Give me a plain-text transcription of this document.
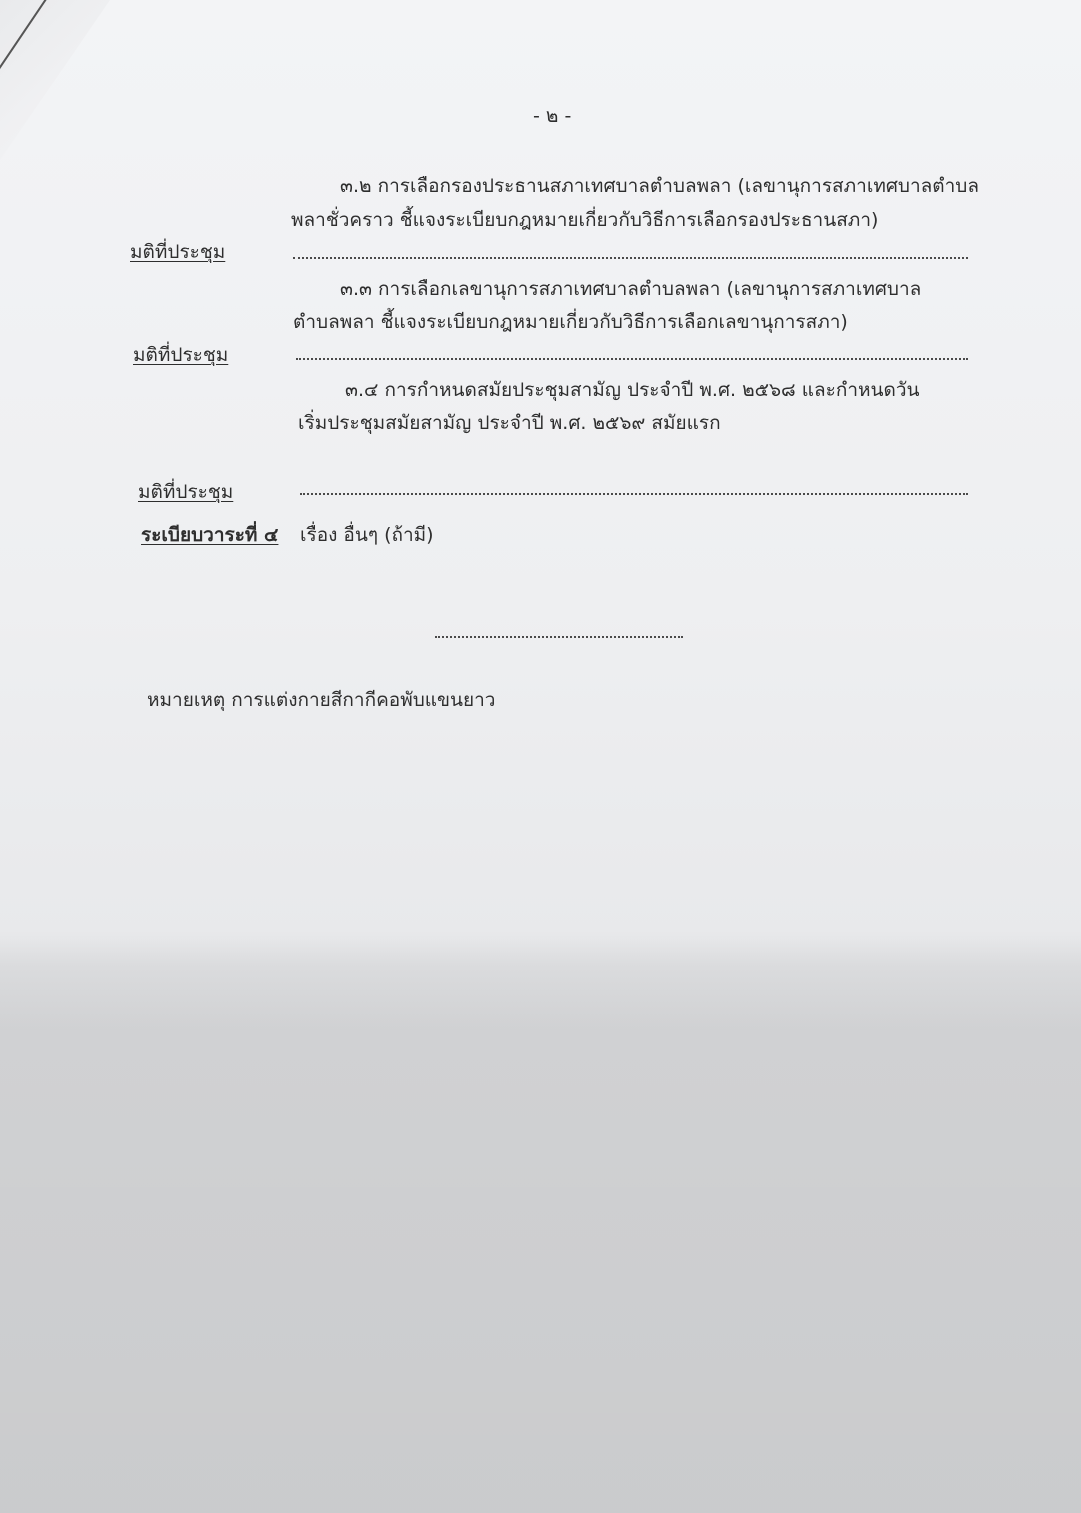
- ๒ -
๓.๒ การเลือกรองประธานสภาเทศบาลตำบลพลา (เลขานุการสภาเทศบาลตำบล
พลาชั่วคราว ชี้แจงระเบียบกฎหมายเกี่ยวกับวิธีการเลือกรองประธานสภา)
มติที่ประชุม
๓.๓ การเลือกเลขานุการสภาเทศบาลตำบลพลา (เลขานุการสภาเทศบาล
ตำบลพลา ชี้แจงระเบียบกฎหมายเกี่ยวกับวิธีการเลือกเลขานุการสภา)
มติที่ประชุม
๓.๔ การกำหนดสมัยประชุมสามัญ ประจำปี พ.ศ. ๒๕๖๘ และกำหนดวัน
เริ่มประชุมสมัยสามัญ ประจำปี พ.ศ. ๒๕๖๙ สมัยแรก
มติที่ประชุม
ระเบียบวาระที่ ๔ เรื่อง อื่นๆ (ถ้ามี)
หมายเหตุ การแต่งกายสีกากีคอพับแขนยาว
